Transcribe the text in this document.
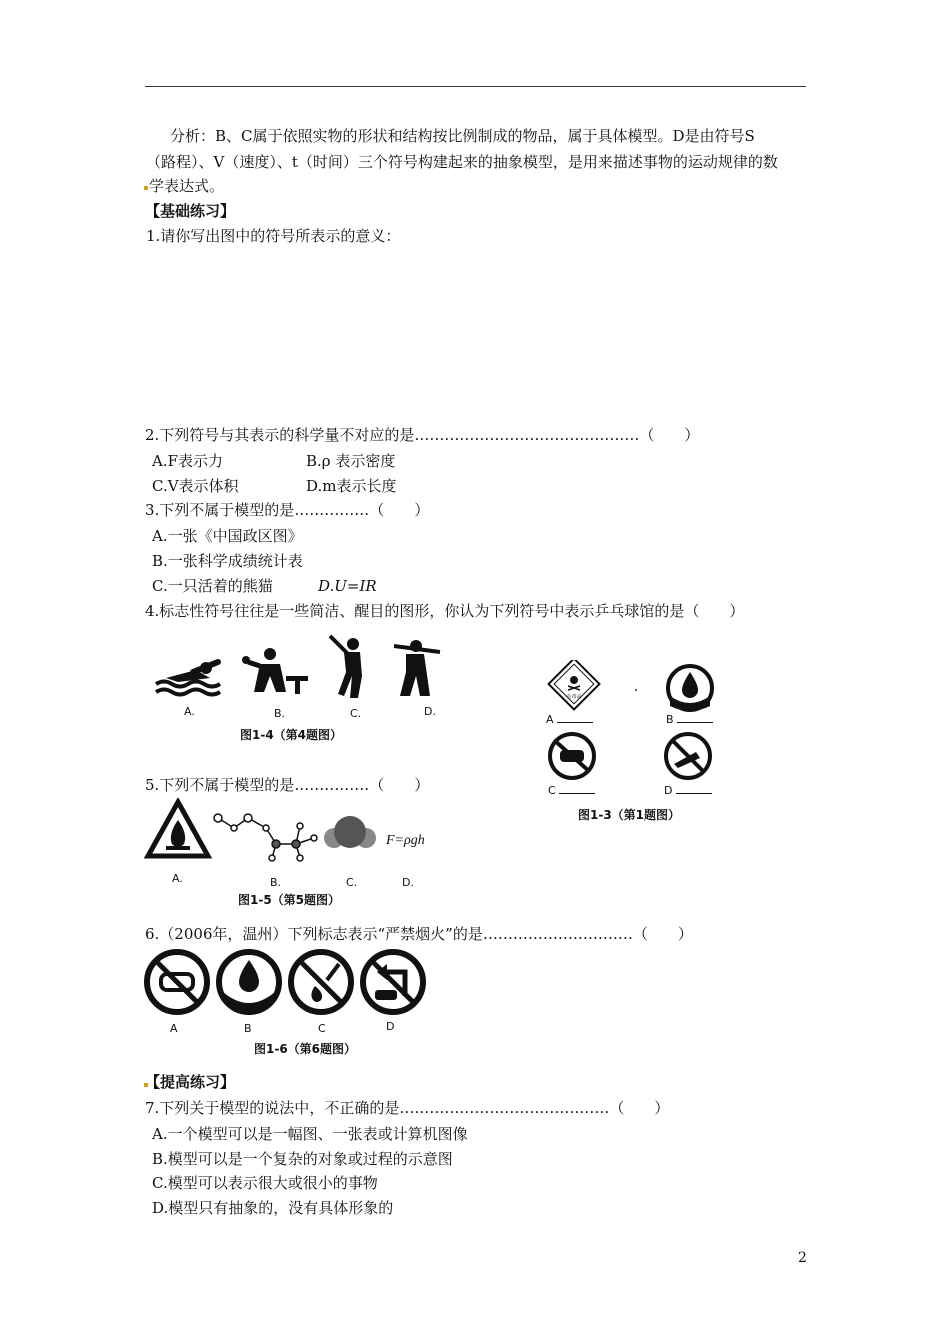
分析：B、C属于依照实物的形状和结构按比例制成的物品，属于具体模型。D是由符号S
（路程）、V（速度）、t（时间）三个符号构建起来的抽象模型，是用来描述事物的运动规律的数
学表达式。
【基础练习】
1.请你写出图中的符号所表示的意义：
2.下列符号与其表示的科学量不对应的是………………………………………（　　）
A.F表示力	B.ρ 表示密度
C.V表示体积	D.m表示长度
3.下列不属于模型的是……………（　　）
A.一张《中国政区图》
B.一张科学成绩统计表
C.一只活着的熊猫	D.U=IR
4.标志性符号往往是一些简洁、醒目的图形，你认为下列符号中表示乒乓球馆的是（　　）
A.	B.	C.	D.
图1-4（第4题图）
有毒品
A	B
C	D
图1-3（第1题图）
5.下列不属于模型的是……………（　　）
F=ρgh
A.	B.	C.	D.
图1-5（第5题图）
6.（2006年，温州）下列标志表示“严禁烟火”的是…………………………（　　）
A	B	C	D
图1-6（第6题图）
【提高练习】
7.下列关于模型的说法中，不正确的是……………………………………（　　）
A.一个模型可以是一幅图、一张表或计算机图像
B.模型可以是一个复杂的对象或过程的示意图
C.模型可以表示很大或很小的事物
D.模型只有抽象的，没有具体形象的
2
